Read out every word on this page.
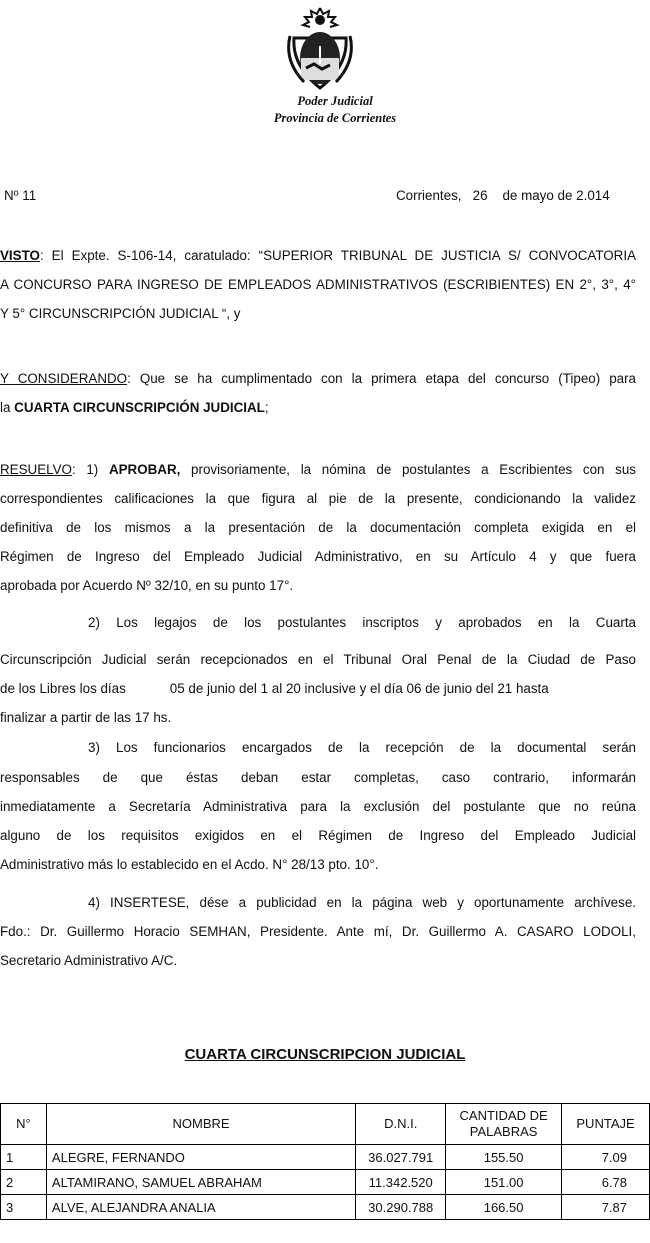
Poder Judicial
Provincia de Corrientes
Nº 11	Corrientes, 26 de mayo de 2.014
VISTO: El Expte. S-106-14, caratulado: “SUPERIOR TRIBUNAL DE JUSTICIA S/ CONVOCATORIA
A CONCURSO PARA INGRESO DE EMPLEADOS ADMINISTRATIVOS (ESCRIBIENTES) EN 2°, 3°, 4°
Y 5° CIRCUNSCRIPCIÓN JUDICIAL “, y
Y CONSIDERANDO: Que se ha cumplimentado con la primera etapa del concurso (Tipeo) para
la CUARTA CIRCUNSCRIPCIÓN JUDICIAL;
RESUELVO: 1) APROBAR, provisoriamente, la nómina de postulantes a Escribientes con sus
correspondientes calificaciones la que figura al pie de la presente, condicionando la validez
definitiva de los mismos a la presentación de la documentación completa exigida en el
Régimen de Ingreso del Empleado Judicial Administrativo, en su Artículo 4 y que fuera
aprobada por Acuerdo Nº 32/10, en su punto 17°.
2) Los legajos de los postulantes inscriptos y aprobados en la Cuarta
Circunscripción Judicial serán recepcionados en el Tribunal Oral Penal de la Ciudad de Paso
de los Libres los días	05 de junio del 1 al 20 inclusive y el día 06 de junio del 21 hasta
finalizar a partir de las 17 hs.
3) Los funcionarios encargados de la recepción de la documental serán
responsables de que éstas deban estar completas, caso contrario, informarán
inmediatamente a Secretaría Administrativa para la exclusión del postulante que no reúna
alguno de los requisitos exigidos en el Régimen de Ingreso del Empleado Judicial
Administrativo más lo establecido en el Acdo. N° 28/13 pto. 10°.
4) INSERTESE, dése a publicidad en la página web y oportunamente archívese.
Fdo.: Dr. Guillermo Horacio SEMHAN, Presidente. Ante mí, Dr. Guillermo A. CASARO LODOLI,
Secretario Administrativo A/C.
CUARTA CIRCUNSCRIPCION JUDICIAL
N°	NOMBRE	D.N.I.	CANTIDAD DE PALABRAS	PUNTAJE
1	ALEGRE, FERNANDO	36.027.791	155.50	7.09
2	ALTAMIRANO, SAMUEL ABRAHAM	11.342.520	151.00	6.78
3	ALVE, ALEJANDRA ANALIA	30.290.788	166.50	7.87
